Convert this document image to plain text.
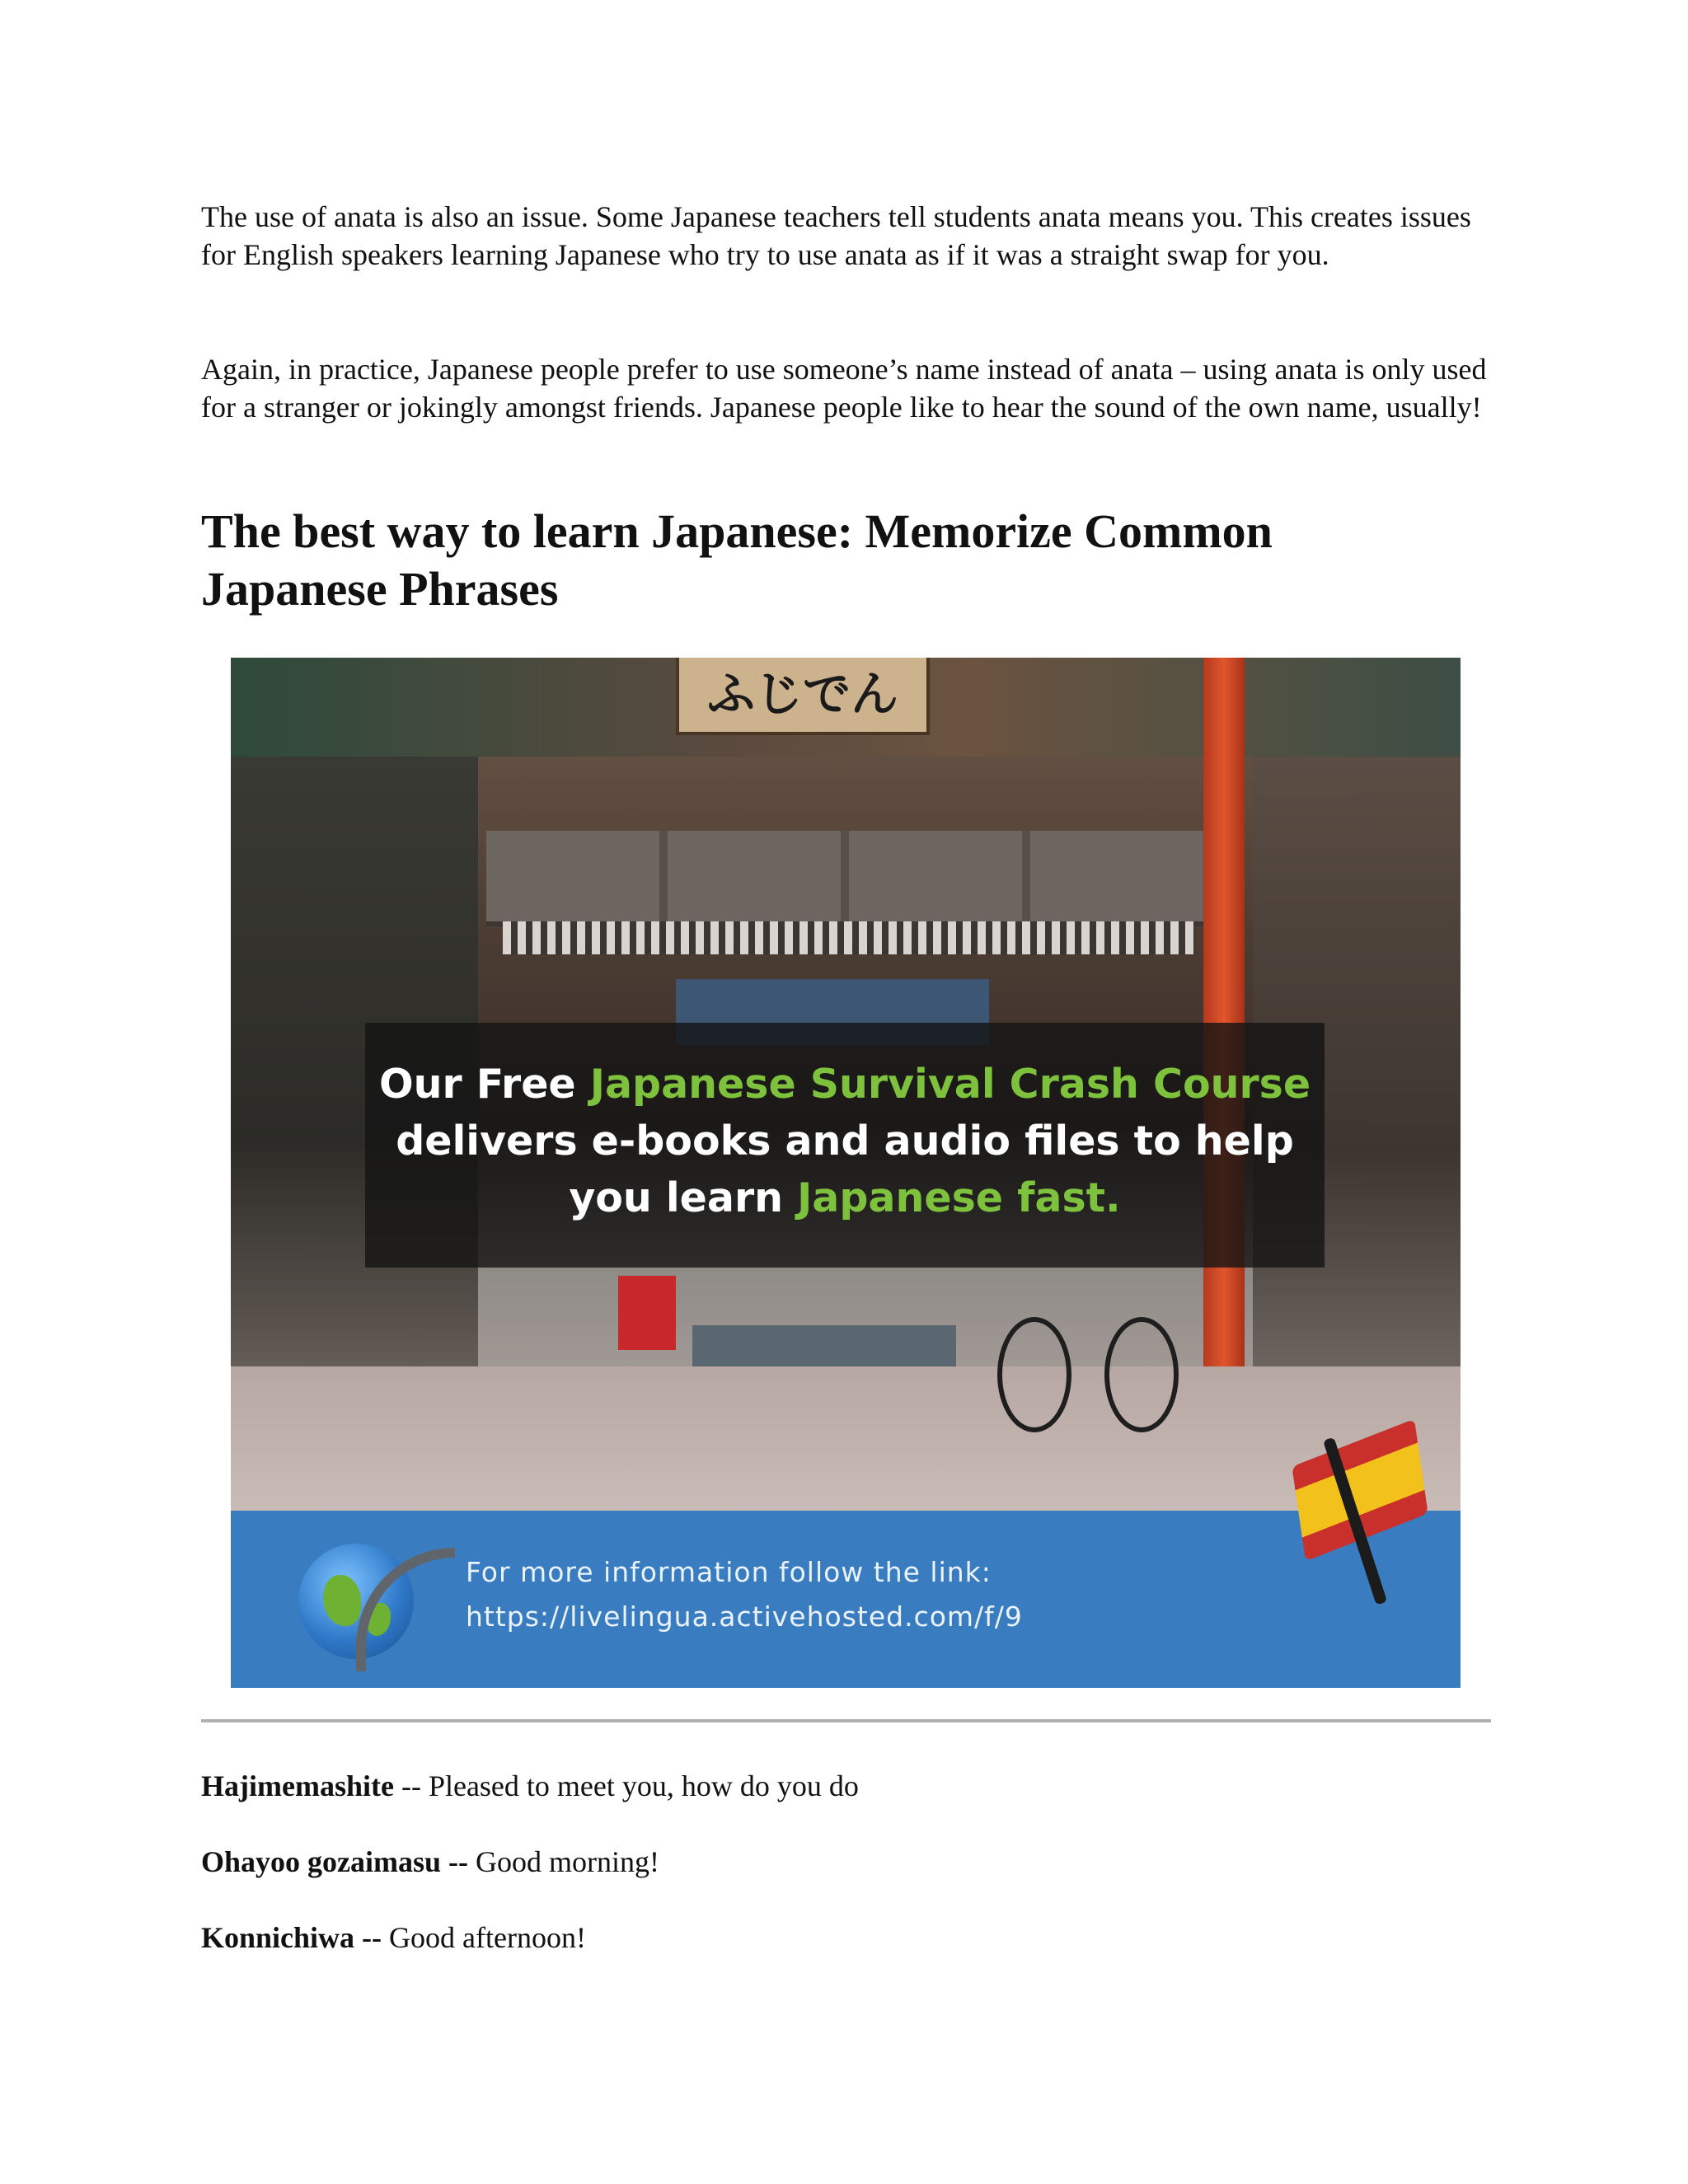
The use of anata is also an issue. Some Japanese teachers tell students anata means you. This creates issues for English speakers learning Japanese who try to use anata as if it was a straight swap for you.

Again, in practice, Japanese people prefer to use someone’s name instead of anata – using anata is only used for a stranger or jokingly amongst friends. Japanese people like to hear the sound of the own name, usually!

The best way to learn Japanese: Memorize Common Japanese Phrases
ふじでん
Our Free Japanese Survival Crash Course delivers e-books and audio files to help you learn Japanese fast.
For more information follow the link:
https://livelingua.activehosted.com/f/9

Hajimemashite -- Pleased to meet you, how do you do

Ohayoo gozaimasu -- Good morning!

Konnichiwa -- Good afternoon!
